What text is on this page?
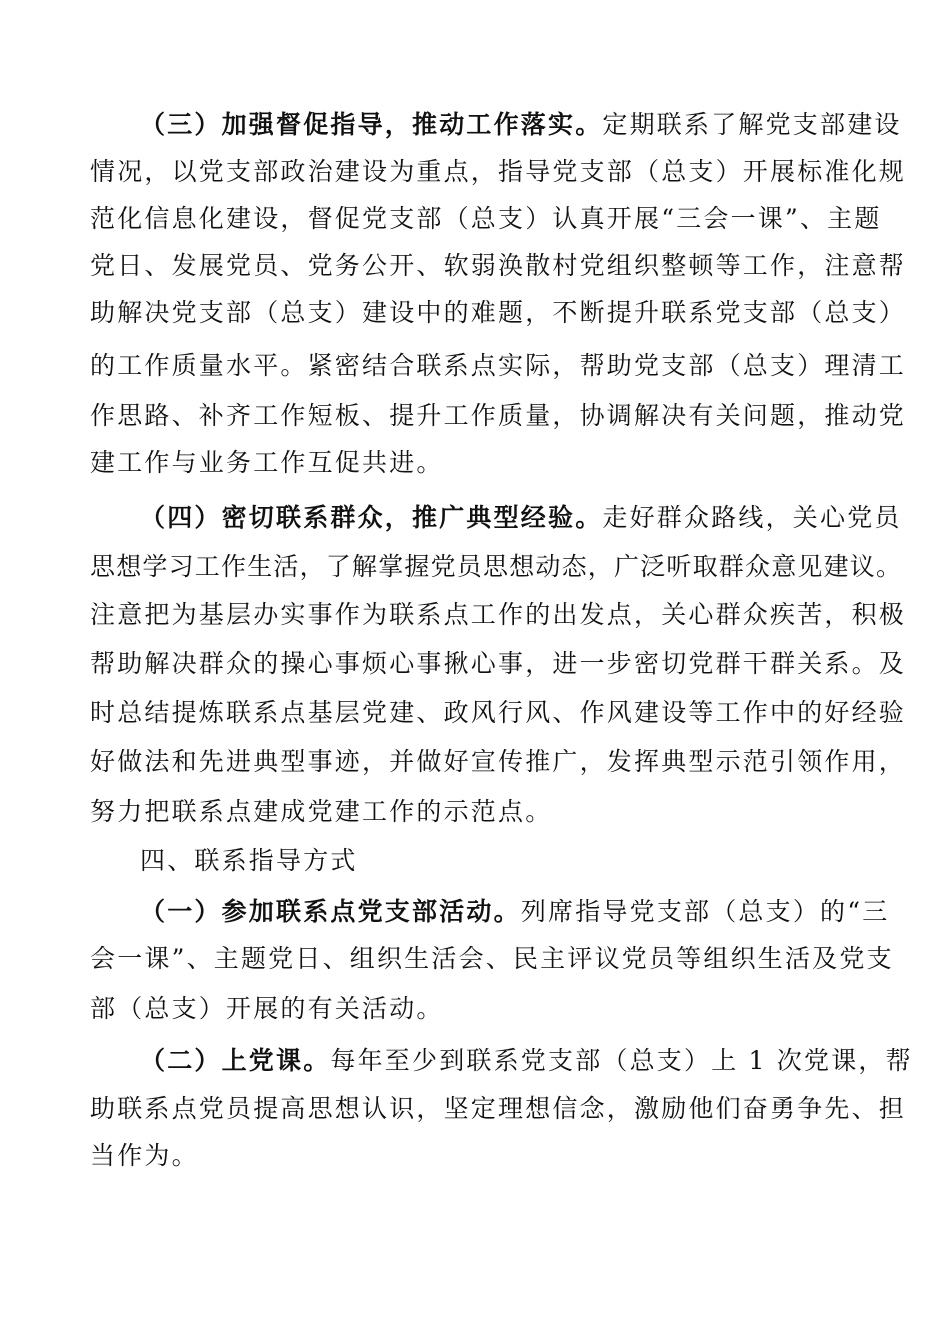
（三）加强督促指导，推动工作落实。定期联系了解党支部建设
情况，以党支部政治建设为重点，指导党支部（总支）开展标准化规
范化信息化建设，督促党支部（总支）认真开展“三会一课”、主题
党日、发展党员、党务公开、软弱涣散村党组织整顿等工作，注意帮
助解决党支部（总支）建设中的难题，不断提升联系党支部（总支）
的工作质量水平。紧密结合联系点实际，帮助党支部（总支）理清工
作思路、补齐工作短板、提升工作质量，协调解决有关问题，推动党
建工作与业务工作互促共进。
（四）密切联系群众，推广典型经验。走好群众路线，关心党员
思想学习工作生活，了解掌握党员思想动态，广泛听取群众意见建议。
注意把为基层办实事作为联系点工作的出发点，关心群众疾苦，积极
帮助解决群众的操心事烦心事揪心事，进一步密切党群干群关系。及
时总结提炼联系点基层党建、政风行风、作风建设等工作中的好经验
好做法和先进典型事迹，并做好宣传推广，发挥典型示范引领作用，
努力把联系点建成党建工作的示范点。
四、联系指导方式
（一）参加联系点党支部活动。列席指导党支部（总支）的“三
会一课”、主题党日、组织生活会、民主评议党员等组织生活及党支
部（总支）开展的有关活动。
（二）上党课。每年至少到联系党支部（总支）上 1 次党课，帮
助联系点党员提高思想认识，坚定理想信念，激励他们奋勇争先、担
当作为。
